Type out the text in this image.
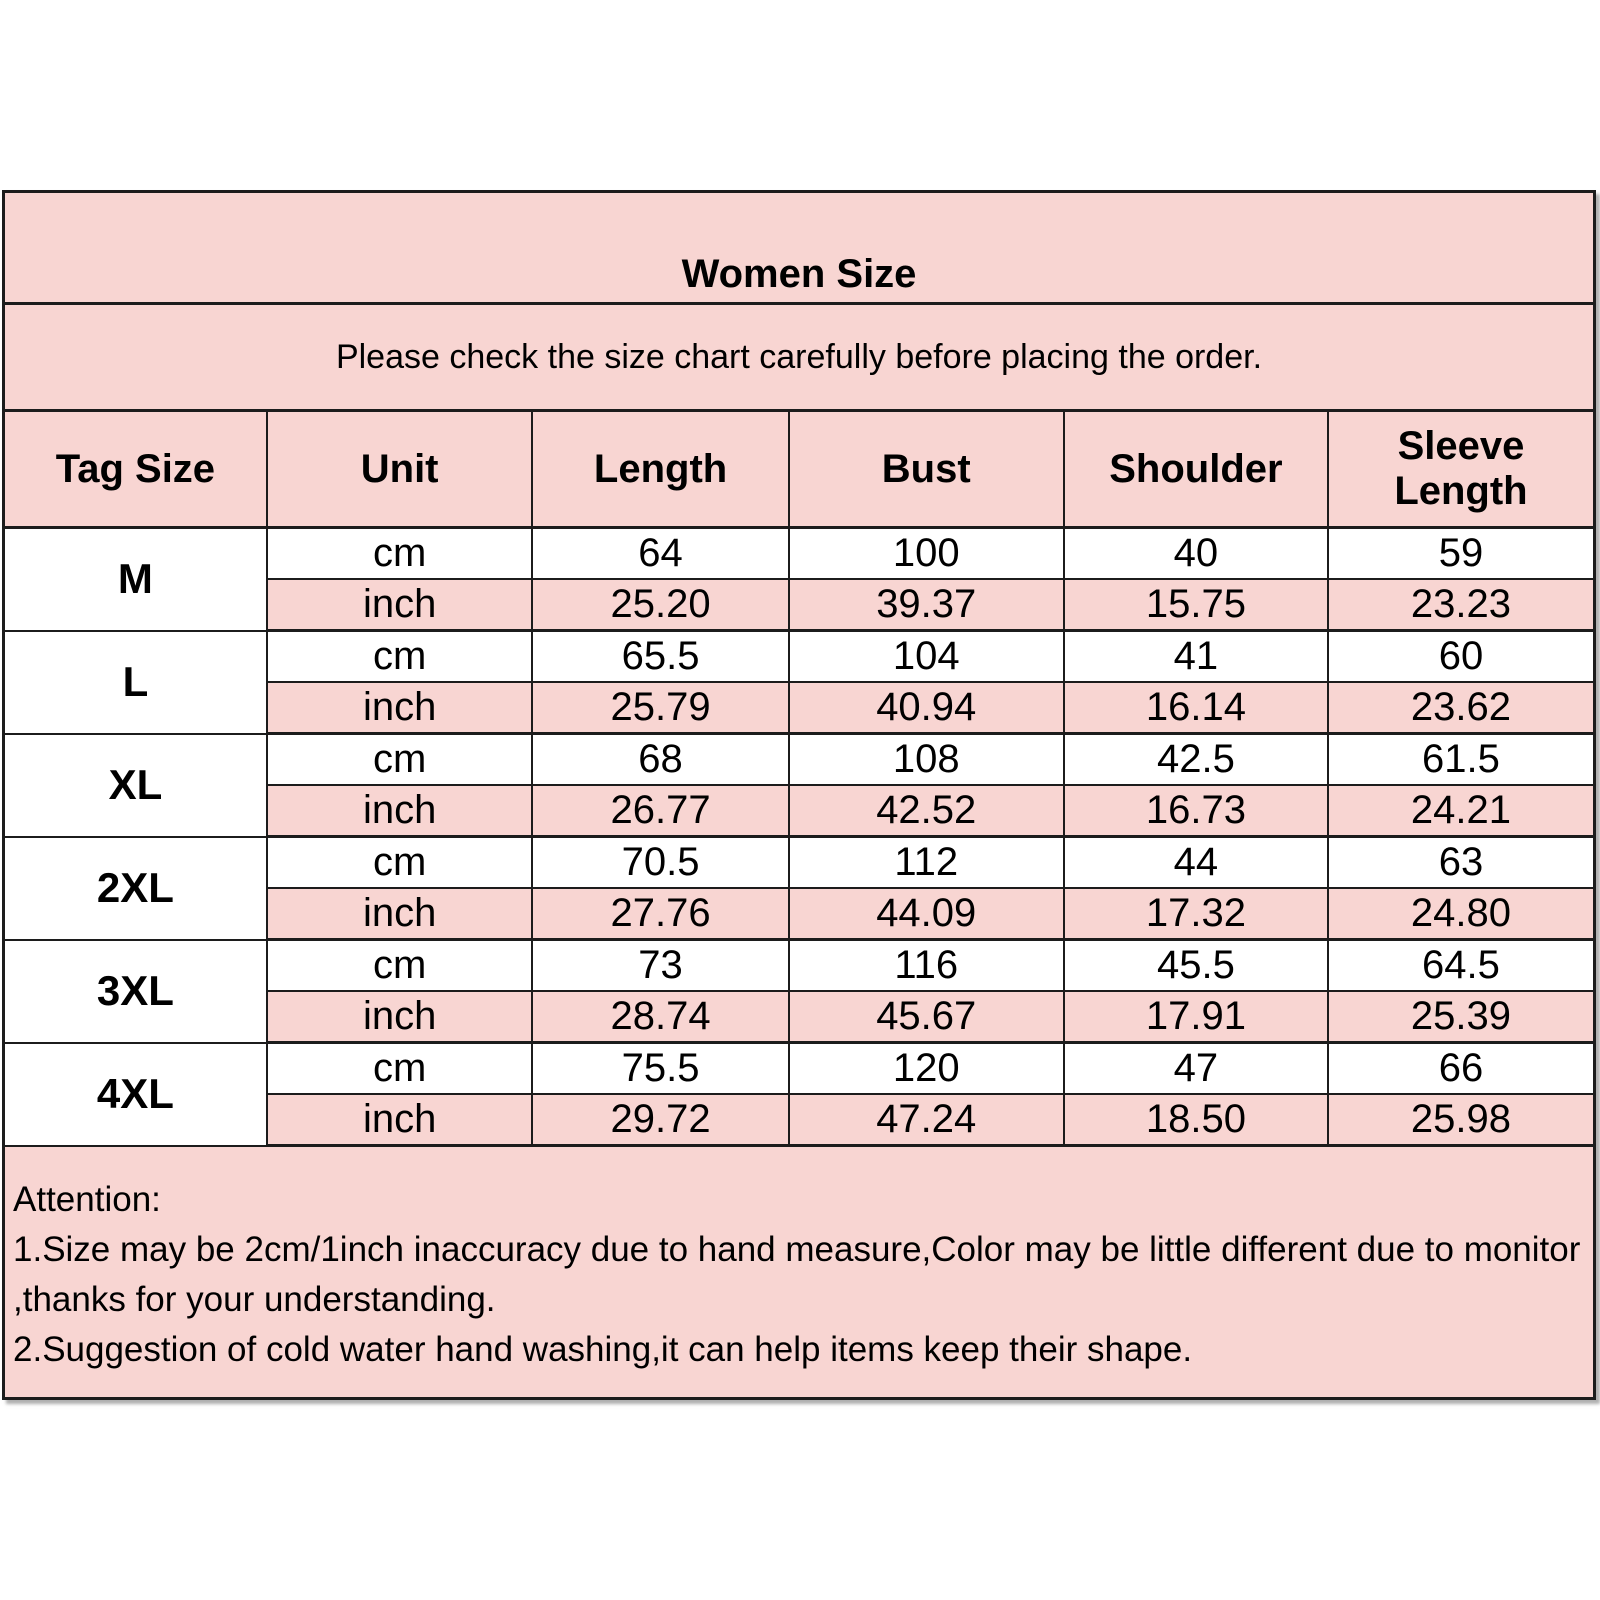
Women Size					
Please check the size chart carefully before placing the order.					
Tag Size	Unit	Length	Bust	Shoulder	Sleeve Length
M	cm	64	100	40	59
	inch	25.20	39.37	15.75	23.23
L	cm	65.5	104	41	60
	inch	25.79	40.94	16.14	23.62
XL	cm	68	108	42.5	61.5
	inch	26.77	42.52	16.73	24.21
2XL	cm	70.5	112	44	63
	inch	27.76	44.09	17.32	24.80
3XL	cm	73	116	45.5	64.5
	inch	28.74	45.67	17.91	25.39
4XL	cm	75.5	120	47	66
	inch	29.72	47.24	18.50	25.98

Attention:
1.Size may be 2cm/1inch inaccuracy due to hand measure,Color may be little different due to monitor ,thanks for your understanding.
2.Suggestion of cold water hand washing,it can help items keep their shape.					
